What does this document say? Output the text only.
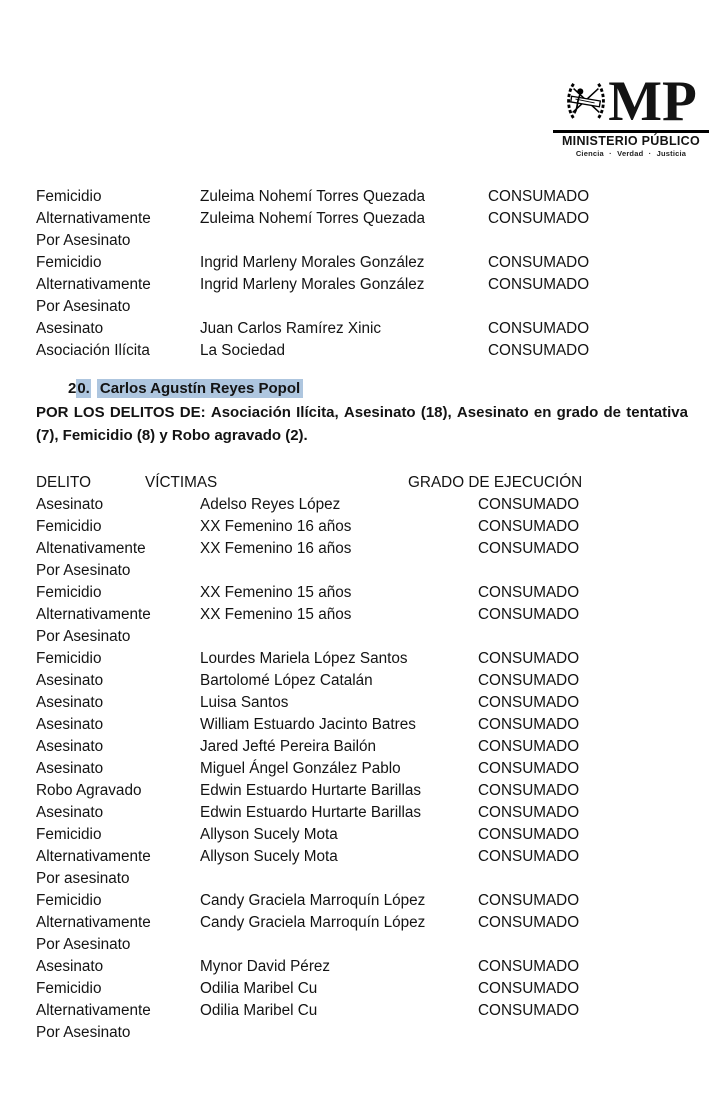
MP
MINISTERIO PÚBLICO
Ciencia · Verdad · Justicia
Femicidio	Zuleima Nohemí Torres Quezada	CONSUMADO
Alternativamente	Zuleima Nohemí Torres Quezada	CONSUMADO
Por Asesinato
Femicidio	Ingrid Marleny Morales González	CONSUMADO
Alternativamente	Ingrid Marleny Morales González	CONSUMADO
Por Asesinato
Asesinato	Juan Carlos Ramírez Xinic	CONSUMADO
Asociación Ilícita	La Sociedad	CONSUMADO
20. Carlos Agustín Reyes Popol
POR LOS DELITOS DE: Asociación Ilícita, Asesinato (18), Asesinato en grado de tentativa
(7), Femicidio (8) y Robo agravado (2).
DELITO	VÍCTIMAS	GRADO DE EJECUCIÓN
Asesinato	Adelso Reyes López	CONSUMADO
Femicidio	XX Femenino 16 años	CONSUMADO
Altenativamente	XX Femenino 16 años	CONSUMADO
Por Asesinato
Femicidio	XX Femenino 15 años	CONSUMADO
Alternativamente	XX Femenino 15 años	CONSUMADO
Por Asesinato
Femicidio	Lourdes Mariela López Santos	CONSUMADO
Asesinato	Bartolomé López Catalán	CONSUMADO
Asesinato	Luisa Santos	CONSUMADO
Asesinato	William Estuardo Jacinto Batres	CONSUMADO
Asesinato	Jared Jefté Pereira Bailón	CONSUMADO
Asesinato	Miguel Ángel González Pablo	CONSUMADO
Robo Agravado	Edwin Estuardo Hurtarte Barillas	CONSUMADO
Asesinato	Edwin Estuardo Hurtarte Barillas	CONSUMADO
Femicidio	Allyson Sucely Mota	CONSUMADO
Alternativamente	Allyson Sucely Mota	CONSUMADO
Por asesinato
Femicidio	Candy Graciela Marroquín López	CONSUMADO
Alternativamente	Candy Graciela Marroquín López	CONSUMADO
Por Asesinato
Asesinato	Mynor David Pérez	CONSUMADO
Femicidio	Odilia Maribel Cu	CONSUMADO
Alternativamente	Odilia Maribel Cu	CONSUMADO
Por Asesinato
